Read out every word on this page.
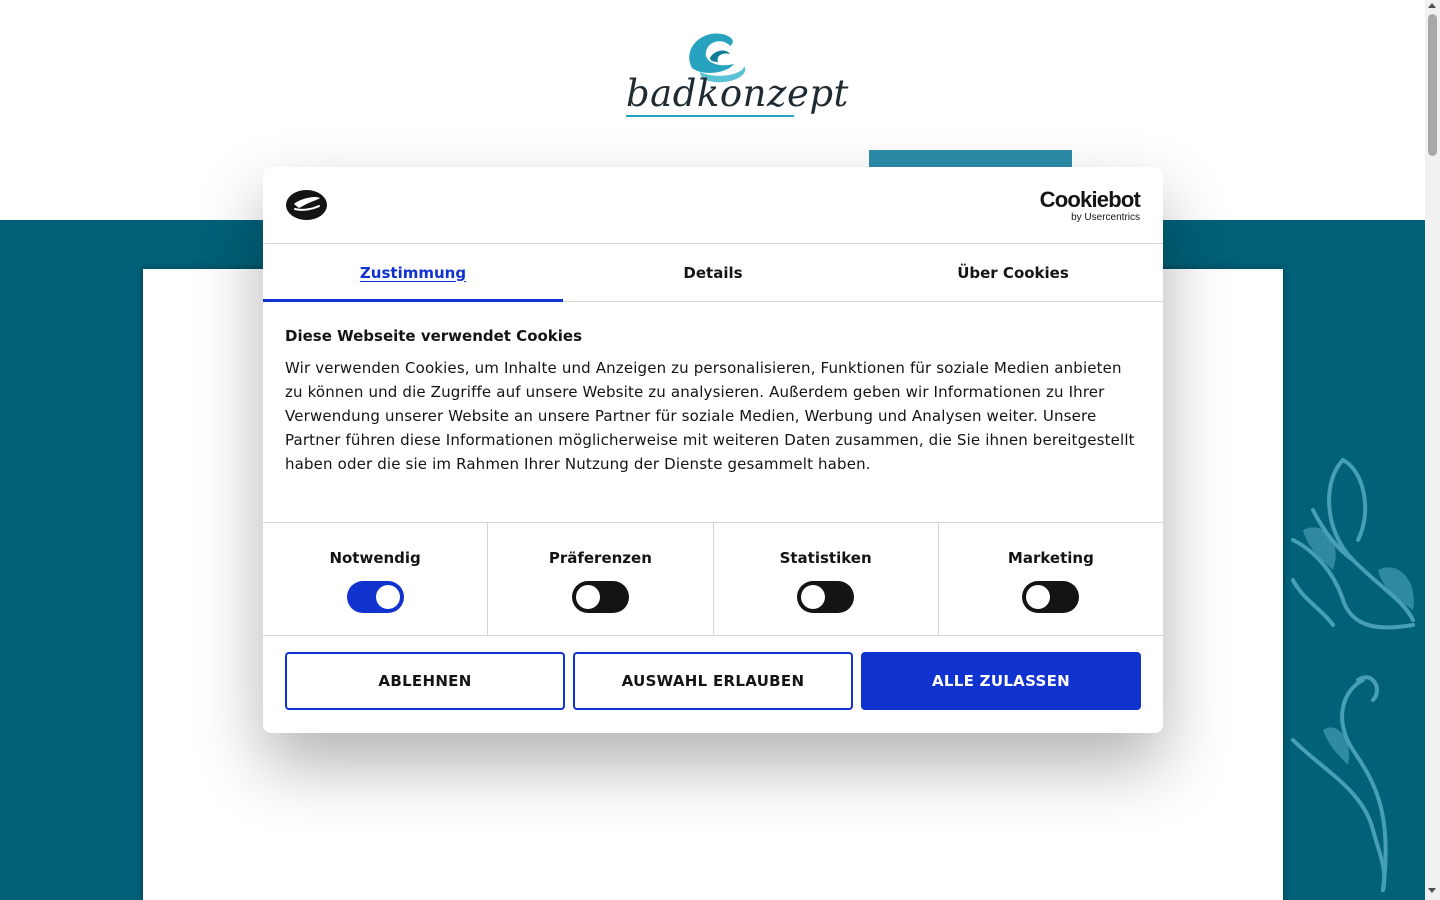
badkonzept
Cookiebot
by Usercentrics
Zustimmung	Details	Über Cookies
Diese Webseite verwendet Cookies

Wir verwenden Cookies, um Inhalte und Anzeigen zu personalisieren, Funktionen für soziale Medien anbieten zu können und die Zugriffe auf unsere Website zu analysieren. Außerdem geben wir Informationen zu Ihrer Verwendung unserer Website an unsere Partner für soziale Medien, Werbung und Analysen weiter. Unsere Partner führen diese Informationen möglicherweise mit weiteren Daten zusammen, die Sie ihnen bereitgestellt haben oder die sie im Rahmen Ihrer Nutzung der Dienste gesammelt haben.

Notwendig	Präferenzen	Statistiken	Marketing
ABLEHNEN	AUSWAHL ERLAUBEN	ALLE ZULASSEN
